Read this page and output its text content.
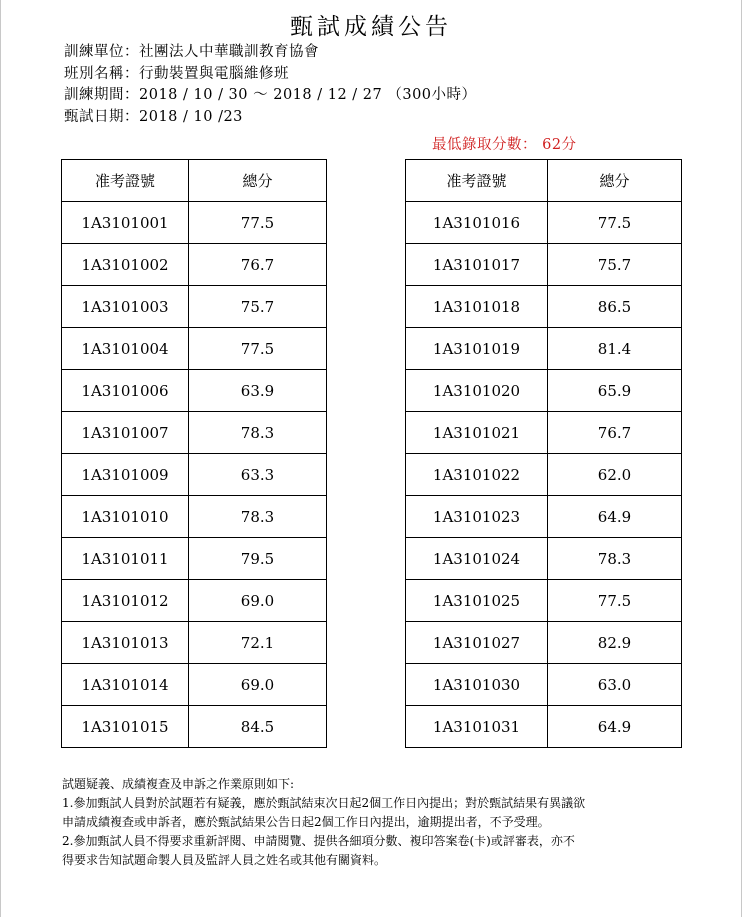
甄試成績公告
訓練單位：社團法人中華職訓教育協會
班別名稱：行動裝置與電腦維修班
訓練期間：2018 / 10 / 30 ～ 2018 / 12 / 27 （300小時）
甄試日期：2018 / 10 /23
最低錄取分數： 62分
准考證號	總分
1A3101001	77.5
1A3101002	76.7
1A3101003	75.7
1A3101004	77.5
1A3101006	63.9
1A3101007	78.3
1A3101009	63.3
1A3101010	78.3
1A3101011	79.5
1A3101012	69.0
1A3101013	72.1
1A3101014	69.0
1A3101015	84.5
准考證號	總分
1A3101016	77.5
1A3101017	75.7
1A3101018	86.5
1A3101019	81.4
1A3101020	65.9
1A3101021	76.7
1A3101022	62.0
1A3101023	64.9
1A3101024	78.3
1A3101025	77.5
1A3101027	82.9
1A3101030	63.0
1A3101031	64.9
試題疑義、成績複查及申訴之作業原則如下:
1.參加甄試人員對於試題若有疑義，應於甄試結束次日起2個工作日內提出；對於甄試結果有異議欲
申請成績複查或申訴者，應於甄試結果公告日起2個工作日內提出，逾期提出者，不予受理。
2.參加甄試人員不得要求重新評閱、申請閱覽、提供各細項分數、複印答案卷(卡)或評審表，亦不
得要求告知試題命製人員及監評人員之姓名或其他有關資料。
